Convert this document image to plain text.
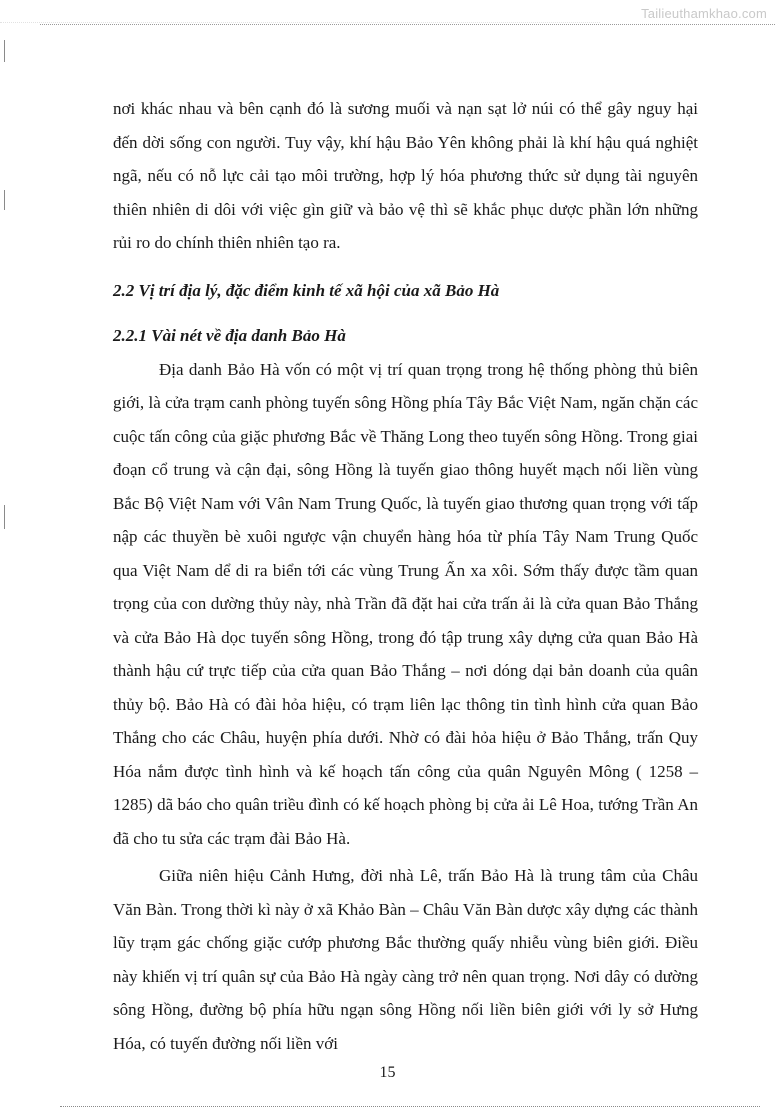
Tailieuthamkhao.com

nơi khác nhau và bên cạnh đó là sương muối và nạn sạt lở núi có thể gây nguy hại đến dời sống con người. Tuy vậy, khí hậu Bảo Yên không phải là khí hậu quá nghiệt ngã, nếu có nỗ lực cải tạo môi trường, hợp lý hóa phương thức sử dụng tài nguyên thiên nhiên di dôi với việc gìn giữ và bảo vệ thì sẽ khắc phục dược phần lớn những rủi ro do chính thiên nhiên tạo ra.

2.2 Vị trí địa lý, đặc điểm kinh tế xã hội của xã Bảo Hà
2.2.1 Vài nét về địa danh Bảo Hà

Địa danh Bảo Hà vốn có một vị trí quan trọng trong hệ thống phòng thủ biên giới, là cửa trạm canh phòng tuyến sông Hồng phía Tây Bắc Việt Nam, ngăn chặn các cuộc tấn công của giặc phương Bắc về Thăng Long theo tuyến sông Hồng. Trong giai đoạn cổ trung và cận đại, sông Hồng là tuyến giao thông huyết mạch nối liền vùng Bắc Bộ Việt Nam với Vân Nam Trung Quốc, là tuyến giao thương quan trọng với tấp nập các thuyền bè xuôi ngược vận chuyển hàng hóa từ phía Tây Nam Trung Quốc qua Việt Nam dể di ra biển tới các vùng Trung Ấn xa xôi. Sớm thấy được tầm quan trọng của con dường thủy này, nhà Trần đã đặt hai cửa trấn ải là cửa quan Bảo Thắng và cửa Bảo Hà dọc tuyến sông Hồng, trong đó tập trung xây dựng cửa quan Bảo Hà thành hậu cứ trực tiếp của cửa quan Bảo Thắng – nơi dóng dại bản doanh của quân thủy bộ. Bảo Hà có đài hỏa hiệu, có trạm liên lạc thông tin tình hình cửa quan Bảo Thắng cho các Châu, huyện phía dưới. Nhờ có đài hỏa hiệu ở Bảo Thắng, trấn Quy Hóa nắm được tình hình và kế hoạch tấn công của quân Nguyên Mông ( 1258 – 1285) dã báo cho quân triều đình có kế hoạch phòng bị cửa ải Lê Hoa, tướng Trần An đã cho tu sửa các trạm đài Bảo Hà.

Giữa niên hiệu Cảnh Hưng, đời nhà Lê, trấn Bảo Hà là trung tâm của Châu Văn Bàn. Trong thời kì này ở xã Khảo Bàn – Châu Văn Bàn dược xây dựng các thành lũy trạm gác chống giặc cướp phương Bắc thường quấy nhiễu vùng biên giới. Điều này khiến vị trí quân sự của Bảo Hà ngày càng trở nên quan trọng. Nơi dây có dường sông Hồng, đường bộ phía hữu ngạn sông Hồng nối liền biên giới với ly sở Hưng Hóa, có tuyến đường nối liền với

15
